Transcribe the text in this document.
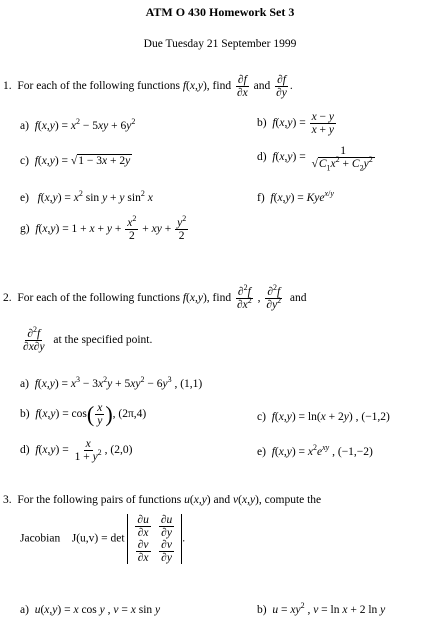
ATM O 430 Homework Set 3
Due Tuesday 21 September 1999
1. For each of the following functions f(x,y), find $\frac{\partial f}{\partial x}$ and $\frac{\partial f}{\partial y}$ .
a) $f(x,y) = x^2 - 5xy + 6y^2$	b) $f(x,y) = \frac{x - y}{x + y}$
c) f(x,y) = √1 − 3x + 2y	d) $f(x,y) = \frac{1}{√C_1x^2 + C_2y^2}$
e) $f(x,y) = x^2$ sin y + y $\sin^2 x$	f) f(x,y) = Kye$^{x/y}$
g) $f(x,y) = 1 + x + y + \frac{x^2}{2}$ + xy + $\frac{y^2}{2}$
2. For each of the following functions f(x,y), find $\frac{\partial^2f}{\partial x^2}$ , $\frac{\partial^2f}{\partial y^2}$ and
$\frac{\partial^2f}{\partial x\partial y}$ at the specified point.
a) $f(x,y) = x^3 - 3x^2y + 5xy^2 - 6y^3$ , (1,1)
b) $f(x,y) = \cos( \frac{x}{y}$ ), (2π,4)	c) f(x,y) = ln(x + 2y) , (−1,2)
d) $f(x,y) = \frac{x}{1 + y^2}$ , (2,0)	e) $f(x,y) = x^2e^{xy}$ , (−1,−2)
3. For the following pairs of functions u(x,y) and v(x,y), compute the
Jacobian $J(u,v) = \det \frac{\partial u}{\partial x}$	$\frac{\partial u}{\partial y}$

$\frac{\partial v}{\partial x}$	$\frac{\partial v}{\partial y}$
.
a) u(x,y) = x cos y , v = x sin y	b) $u = xy^2$ , v = ln x + 2 ln y
